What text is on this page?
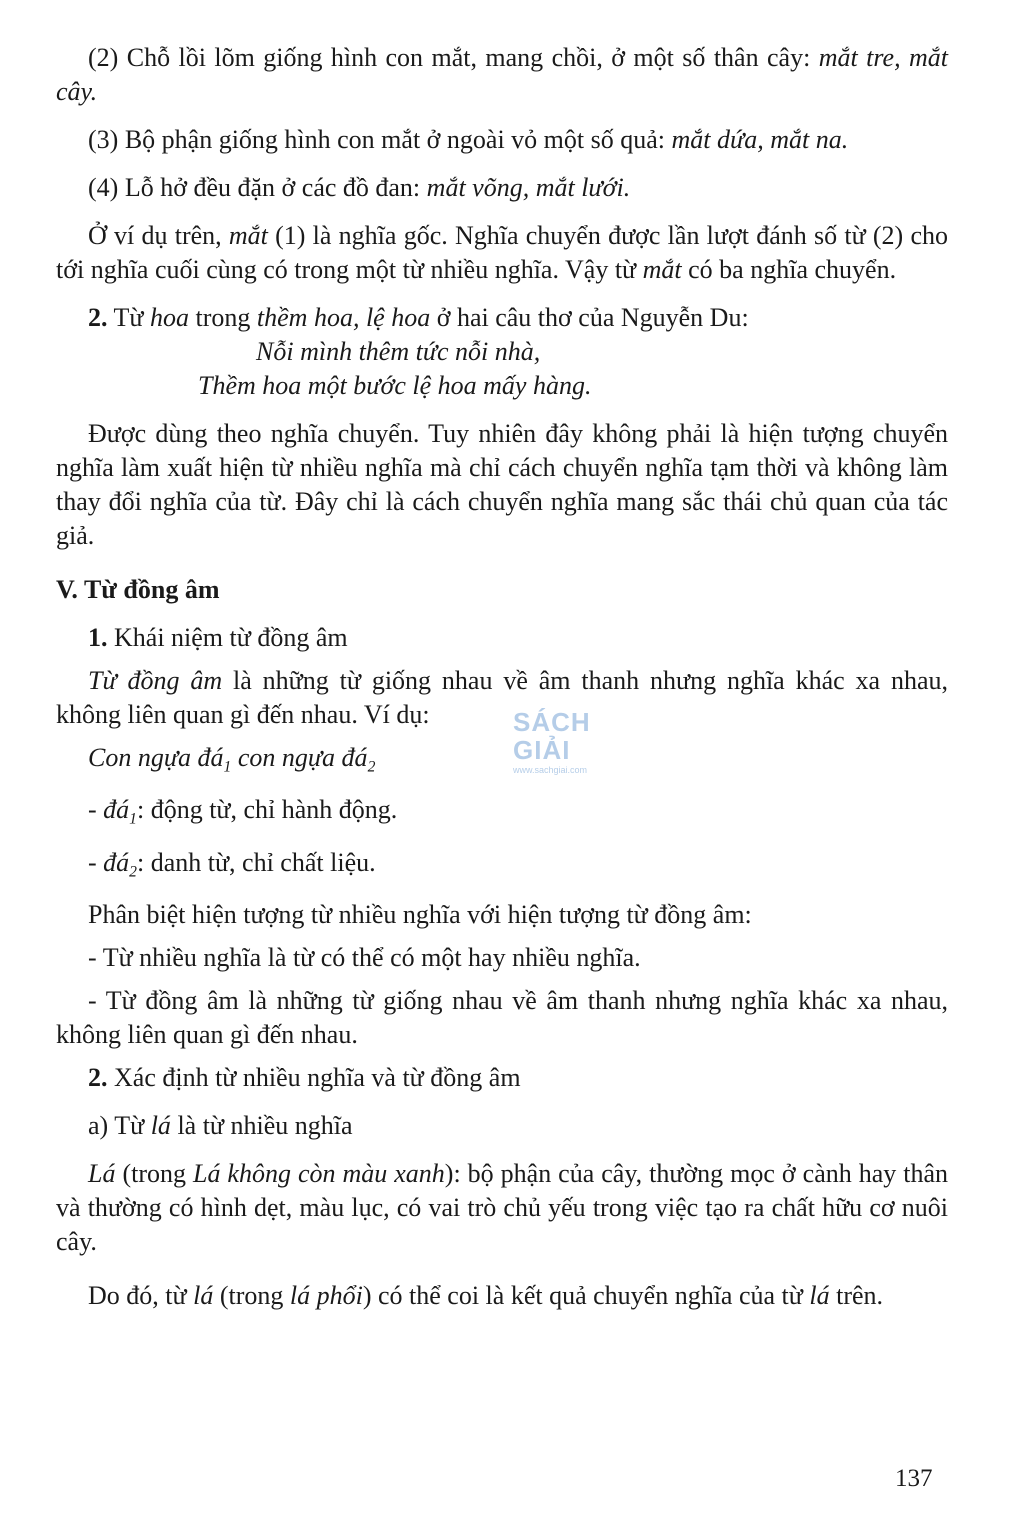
(2) Chỗ lồi lõm giống hình con mắt, mang chồi, ở một số thân cây: mắt tre, mắt cây.

(3) Bộ phận giống hình con mắt ở ngoài vỏ một số quả: mắt dứa, mắt na.

(4) Lỗ hở đều đặn ở các đồ đan: mắt võng, mắt lưới.

Ở ví dụ trên, mắt (1) là nghĩa gốc. Nghĩa chuyển được lần lượt đánh số từ (2) cho tới nghĩa cuối cùng có trong một từ nhiều nghĩa. Vậy từ mắt có ba nghĩa chuyển.

2. Từ hoa trong thềm hoa, lệ hoa ở hai câu thơ của Nguyễn Du:

Nỗi mình thêm tức nỗi nhà,

Thềm hoa một bước lệ hoa mấy hàng.

Được dùng theo nghĩa chuyển. Tuy nhiên đây không phải là hiện tượng chuyển nghĩa làm xuất hiện từ nhiều nghĩa mà chỉ cách chuyển nghĩa tạm thời và không làm thay đổi nghĩa của từ. Đây chỉ là cách chuyển nghĩa mang sắc thái chủ quan của tác giả.

V. Từ đồng âm

1. Khái niệm từ đồng âm

Từ đồng âm là những từ giống nhau về âm thanh nhưng nghĩa khác xa nhau, không liên quan gì đến nhau. Ví dụ:

Con ngựa $đá_1$ con ngựa $đá_2$

- $đá_1$: động từ, chỉ hành động.

- $đá_2$: danh từ, chỉ chất liệu.

Phân biệt hiện tượng từ nhiều nghĩa với hiện tượng từ đồng âm:

- Từ nhiều nghĩa là từ có thể có một hay nhiều nghĩa.

- Từ đồng âm là những từ giống nhau về âm thanh nhưng nghĩa khác xa nhau, không liên quan gì đến nhau.

2. Xác định từ nhiều nghĩa và từ đồng âm

a) Từ lá là từ nhiều nghĩa

Lá (trong Lá không còn màu xanh): bộ phận của cây, thường mọc ở cành hay thân và thường có hình dẹt, màu lục, có vai trò chủ yếu trong việc tạo ra chất hữu cơ nuôi cây.

Do đó, từ lá (trong lá phổi) có thể coi là kết quả chuyển nghĩa của từ lá trên.

SÁCH GIẢI
www.sachgiai.com
137
